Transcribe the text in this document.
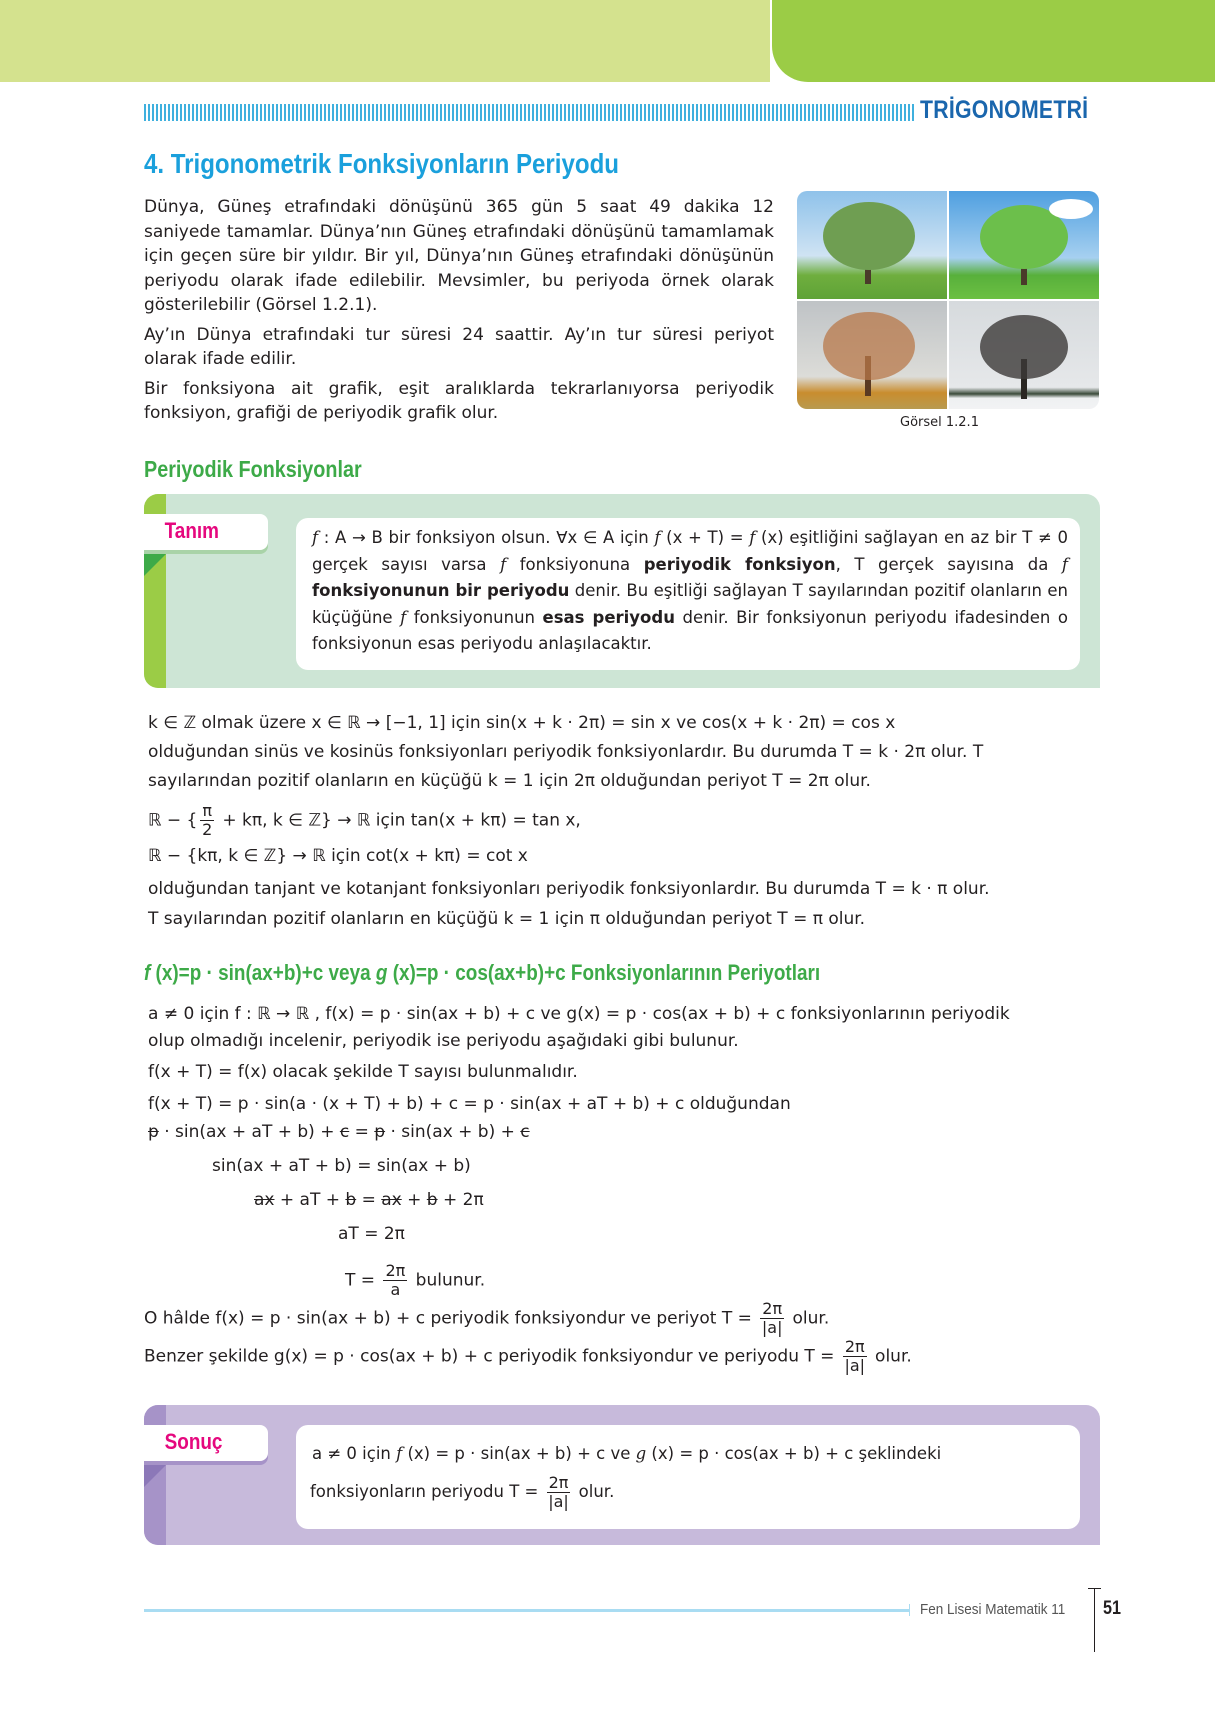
TRİGONOMETRİ
4. Trigonometrik Fonksiyonların Periyodu

Dünya, Güneş etrafındaki dönüşünü 365 gün 5 saat 49 dakika 12 saniyede tamamlar. Dünya’nın Güneş etrafındaki dönüşünü tamamlamak için geçen süre bir yıldır. Bir yıl, Dünya’nın Güneş etrafındaki dönüşünün periyodu olarak ifade edilebilir. Mevsimler, bu periyoda örnek olarak gösterilebilir (Görsel 1.2.1).

Ay’ın Dünya etrafındaki tur süresi 24 saattir. Ay’ın tur süresi periyot olarak ifade edilir.

Bir fonksiyona ait grafik, eşit aralıklarda tekrarlanıyorsa periyodik fonksiyon, grafiği de periyodik grafik olur.	Görsel 1.2.1
Periyodik Fonksiyonlar
Tanım	f : A → B bir fonksiyon olsun. ∀x ∈ A için f (x + T) = f (x) eşitliğini sağlayan en az bir T ≠ 0 gerçek sayısı varsa f fonksiyonuna periyodik fonksiyon, T gerçek sayısına da f fonksiyonunun bir periyodu denir. Bu eşitliği sağlayan T sayılarından pozitif olanların en küçüğüne f fonksiyonunun esas periyodu denir. Bir fonksiyonun periyodu ifadesinden o fonksiyonun esas periyodu anlaşılacaktır.
k ∈ ℤ olmak üzere x ∈ ℝ → [−1, 1] için sin(x + k · 2π) = sin x ve cos(x + k · 2π) = cos x
olduğundan sinüs ve kosinüs fonksiyonları periyodik fonksiyonlardır. Bu durumda T = k · 2π olur. T
sayılarından pozitif olanların en küçüğü k = 1 için 2π olduğundan periyot T = 2π olur.
ℝ − { $\frac{\pi}{2} + k\pi$, k ∈ ℤ} → ℝ için tan(x + kπ) = tan x,
ℝ − {kπ, k ∈ ℤ} → ℝ için cot(x + kπ) = cot x
olduğundan tanjant ve kotanjant fonksiyonları periyodik fonksiyonlardır. Bu durumda T = k · π olur.
T sayılarından pozitif olanların en küçüğü k = 1 için π olduğundan periyot T = π olur.
f (x)=p · sin(ax+b)+c veya g (x)=p · cos(ax+b)+c Fonksiyonlarının Periyotları
a ≠ 0 için f : ℝ → ℝ , f(x) = p · sin(ax + b) + c ve g(x) = p · cos(ax + b) + c fonksiyonlarının periyodik
olup olmadığı incelenir, periyodik ise periyodu aşağıdaki gibi bulunur.
f(x + T) = f(x) olacak şekilde T sayısı bulunmalıdır.
f(x + T) = p · sin(a · (x + T) + b) + c = p · sin(ax + aT + b) + c olduğundan
p · sin(ax + aT + b) + c = p · sin(ax + b) + c
sin(ax + aT + b) = sin(ax + b)
ax + aT + b = ax + b + 2π
aT = 2π
$T = \frac{2\pi}{a}$ bulunur.
O hâlde f(x) = p · sin(ax + b) + c periyodik fonksiyondur ve periyot $T = \frac{2\pi}{|a|}$ olur.
Benzer şekilde g(x) = p · cos(ax + b) + c periyodik fonksiyondur ve periyodu $T = \frac{2\pi}{|a|}$ olur.
Sonuç	a ≠ 0 için f (x) = p · sin(ax + b) + c ve g (x) = p · cos(ax + b) + c şeklindeki
fonksiyonların periyodu $T = \frac{2\pi}{|a|}$ olur.
Fen Lisesi Matematik 11 51
